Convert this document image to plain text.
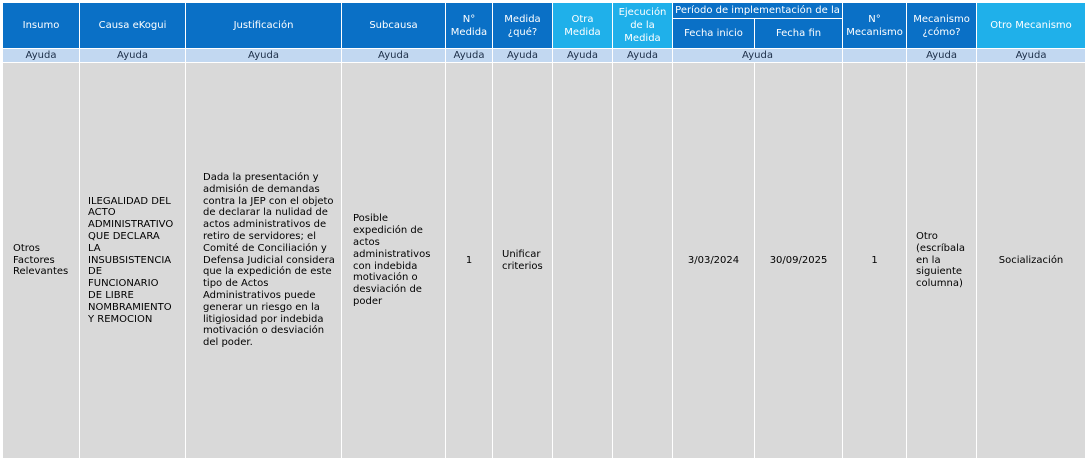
Insumo	Causa eKogui	Justificación	Subcausa	N° Medida	Medida ¿qué?	Otra Medida	Ejecución de la Medida	Período de implementación de la		N° Mecanismo	Mecanismo ¿cómo?	Otro Mecanismo
								Fecha inicio	Fecha fin			
Ayuda	Ayuda	Ayuda	Ayuda	Ayuda	Ayuda	Ayuda	Ayuda	Ayuda			Ayuda	Ayuda
Otros Factores Relevantes	ILEGALIDAD DEL ACTO ADMINISTRATIVO QUE DECLARA LA INSUBSISTENCIA DE FUNCIONARIO DE LIBRE NOMBRAMIENTO Y REMOCION	Dada la presentación y admisión de demandas contra la JEP con el objeto de declarar la nulidad de actos administrativos de retiro de servidores; el Comité de Conciliación y Defensa Judicial considera que la expedición de este tipo de Actos Administrativos puede generar un riesgo en la litigiosidad por indebida motivación o desviación del poder.	Posible expedición de actos administrativos con indebida motivación o desviación de poder	1	Unificar criterios			3/03/2024	30/09/2025	1	Otro (escríbala en la siguiente columna)	Socialización
